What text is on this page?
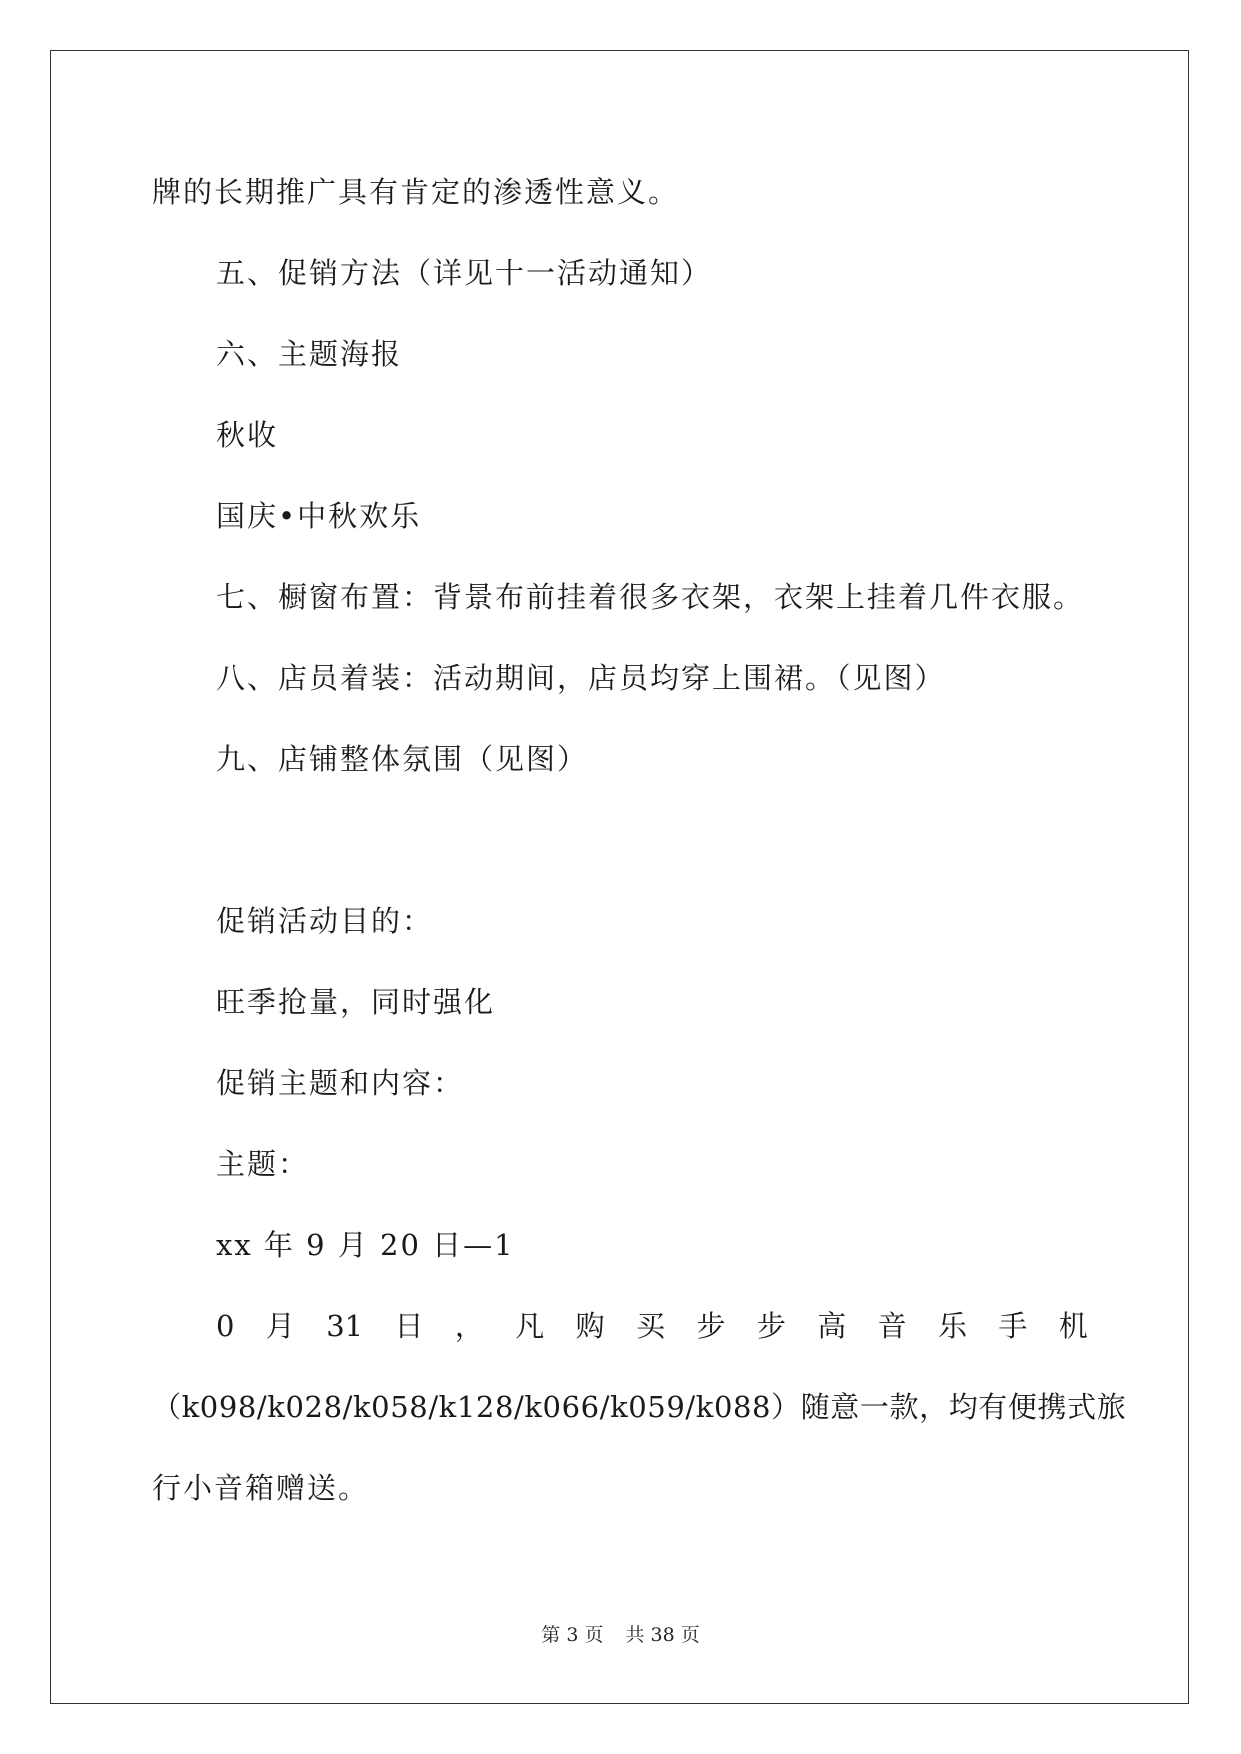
牌的长期推广具有肯定的渗透性意义。
五、促销方法（详见十一活动通知）
六、主题海报
秋收
国庆•中秋欢乐
七、橱窗布置：背景布前挂着很多衣架，衣架上挂着几件衣服。
八、店员着装：活动期间，店员均穿上围裙。（见图）
九、店铺整体氛围（见图）
促销活动目的：
旺季抢量，同时强化
促销主题和内容：
主题：
xx 年 9 月 20 日—1
0 月 31 日 ， 凡 购 买 步 步 高 音 乐 手 机
（k098/k028/k058/k128/k066/k059/k088）随意一款，均有便携式旅
行小音箱赠送。
第 3 页 共 38 页
